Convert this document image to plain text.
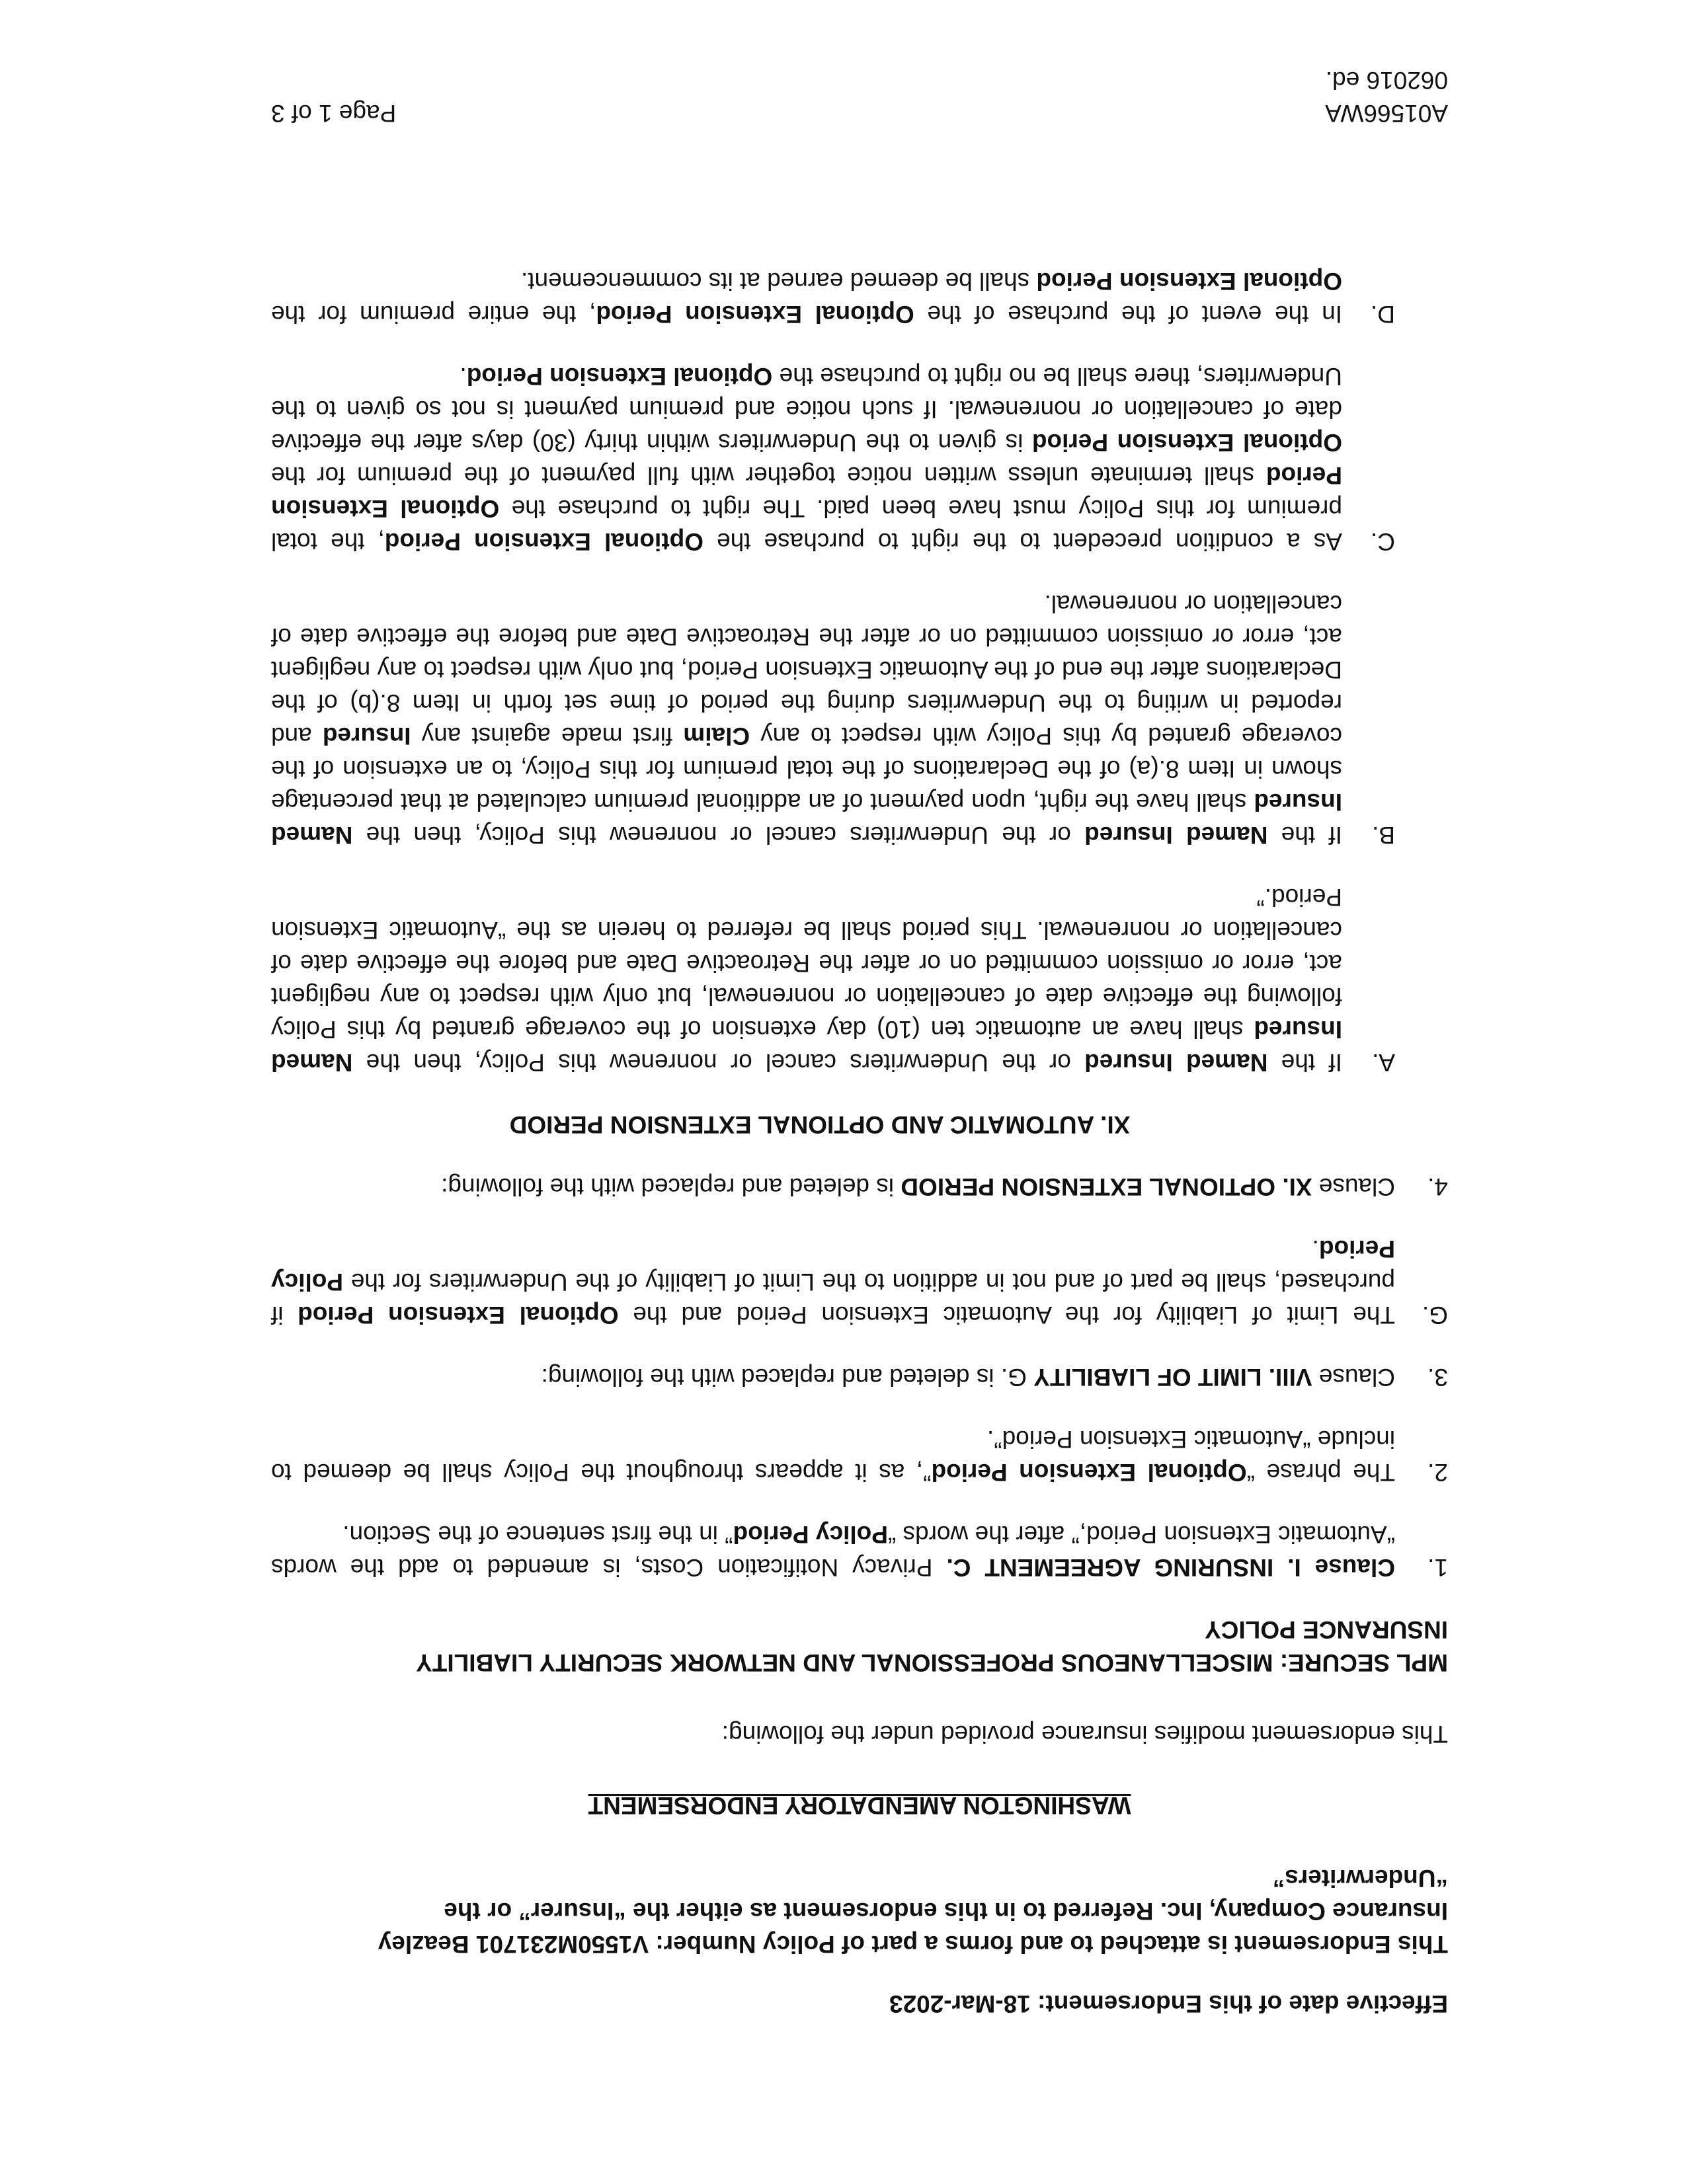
Effective date of this Endorsement: 18-Mar-2023

This Endorsement is attached to and forms a part of Policy Number: V1550M231701 Beazley Insurance Company, Inc. Referred to in this endorsement as either the “Insurer” or the “Underwriters”

WASHINGTON AMENDATORY ENDORSEMENT

This endorsement modifies insurance provided under the following:

MPL SECURE: MISCELLANEOUS PROFESSIONAL AND NETWORK SECURITY LIABILITY INSURANCE POLICY

1.

Clause I. INSURING AGREEMENT C. Privacy Notification Costs, is amended to add the words “Automatic Extension Period,” after the words “Policy Period” in the first sentence of the Section.

2.

The phrase “Optional Extension Period”, as it appears throughout the Policy shall be deemed to include “Automatic Extension Period”.

3.

Clause VIII. LIMIT OF LIABILITY G. is deleted and replaced with the following:

G.

The Limit of Liability for the Automatic Extension Period and the Optional Extension Period if purchased, shall be part of and not in addition to the Limit of Liability of the Underwriters for the Policy Period.

4.

Clause XI. OPTIONAL EXTENSION PERIOD is deleted and replaced with the following:

XI. AUTOMATIC AND OPTIONAL EXTENSION PERIOD

A.

If the Named Insured or the Underwriters cancel or nonrenew this Policy, then the Named Insured shall have an automatic ten (10) day extension of the coverage granted by this Policy following the effective date of cancellation or nonrenewal, but only with respect to any negligent act, error or omission committed on or after the Retroactive Date and before the effective date of cancellation or nonrenewal. This period shall be referred to herein as the “Automatic Extension Period.”

B.

If the Named Insured or the Underwriters cancel or nonrenew this Policy, then the Named Insured shall have the right, upon payment of an additional premium calculated at that percentage shown in Item 8.(a) of the Declarations of the total premium for this Policy, to an extension of the coverage granted by this Policy with respect to any Claim first made against any Insured and reported in writing to the Underwriters during the period of time set forth in Item 8.(b) of the Declarations after the end of the Automatic Extension Period, but only with respect to any negligent act, error or omission committed on or after the Retroactive Date and before the effective date of cancellation or nonrenewal.

C.

As a condition precedent to the right to purchase the Optional Extension Period, the total premium for this Policy must have been paid. The right to purchase the Optional Extension Period shall terminate unless written notice together with full payment of the premium for the Optional Extension Period is given to the Underwriters within thirty (30) days after the effective date of cancellation or nonrenewal. If such notice and premium payment is not so given to the Underwriters, there shall be no right to purchase the Optional Extension Period.

D.

In the event of the purchase of the Optional Extension Period, the entire premium for the Optional Extension Period shall be deemed earned at its commencement.

A01566WA
062016 ed.
Page 1 of 3
